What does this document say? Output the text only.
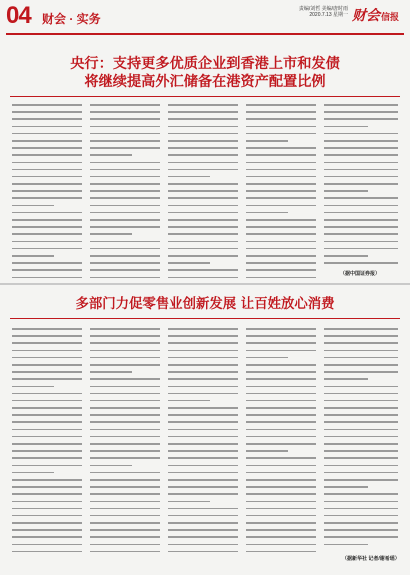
04 财会 · 实务
责编/刘哲 美编/唐时雨
2020.7.13 星期一 财会信报
央行：支持更多优质企业到香港上市和发债
将继续提高外汇储备在港资产配置比例
（据中国证券报）
多部门力促零售业创新发展 让百姓放心消费
（据新华社 记者/谢希瑶）
